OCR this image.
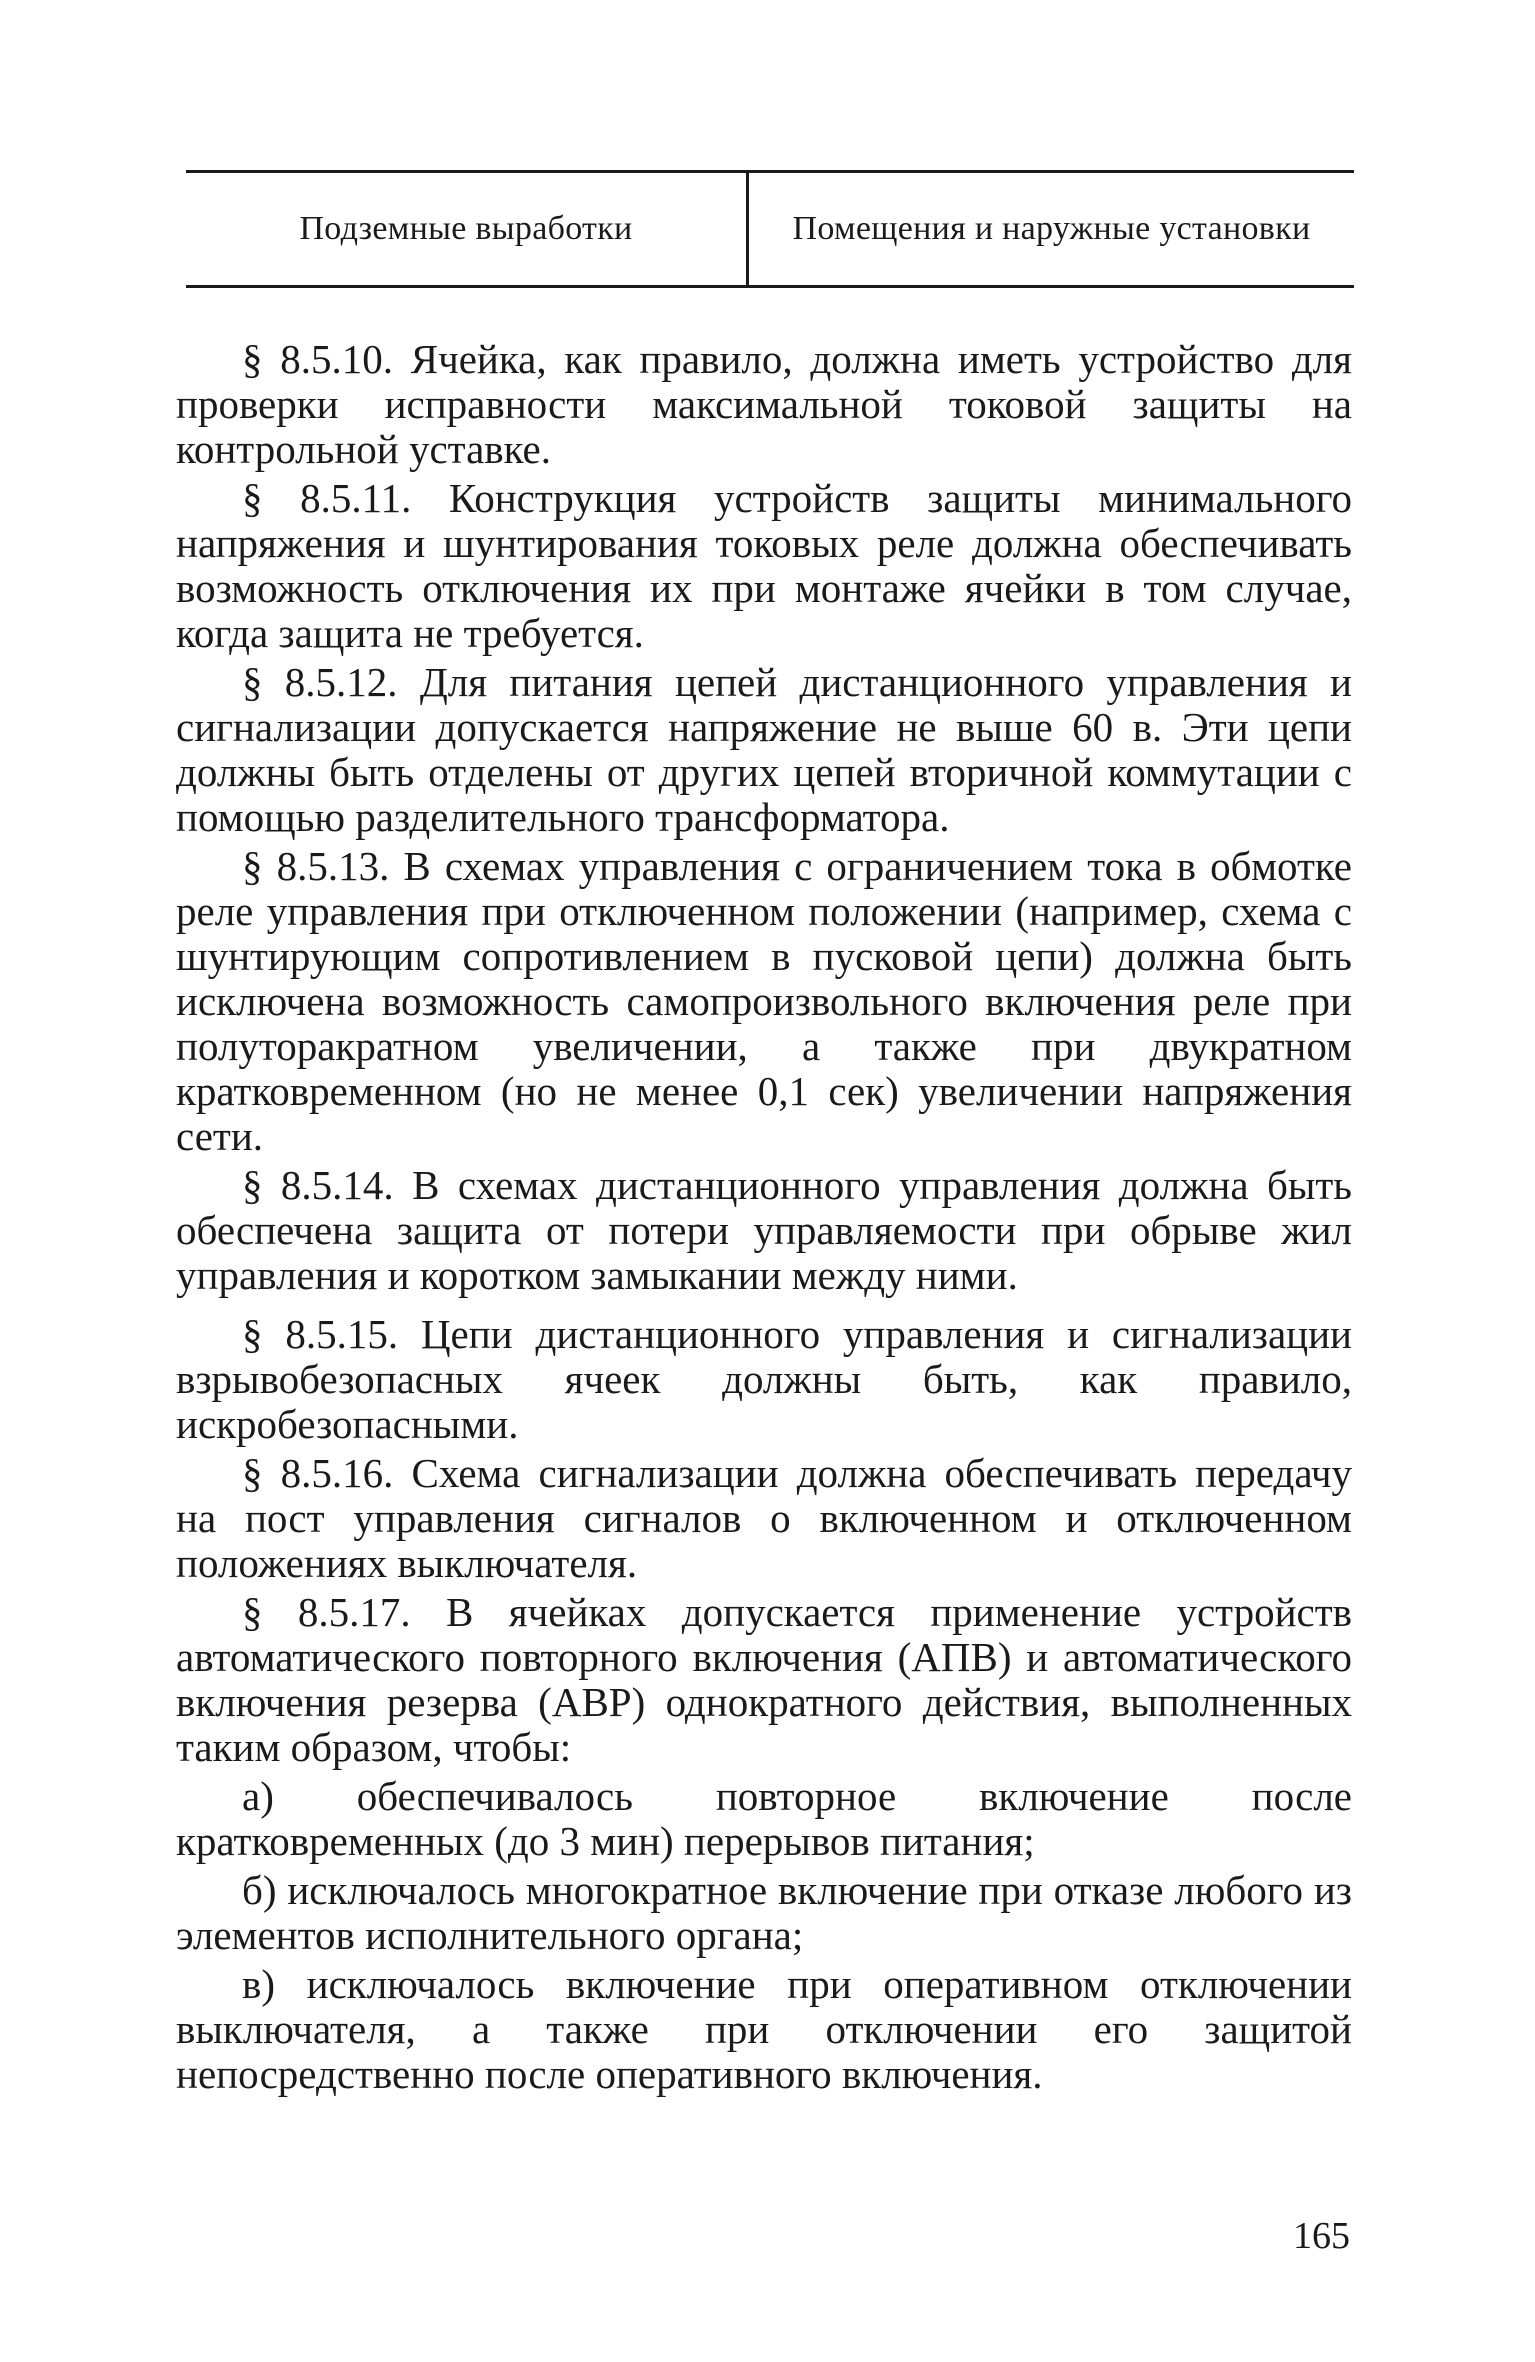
Подземные выработки	Помещения и наружные установки

§ 8.5.10. Ячейка, как правило, должна иметь устройство для проверки исправности максимальной токовой защиты на контрольной уставке.

§ 8.5.11. Конструкция устройств защиты минимального напряжения и шунтирования токовых реле должна обеспечивать возможность отключения их при монтаже ячейки в том случае, когда защита не требуется.

§ 8.5.12. Для питания цепей дистанционного управления и сигнализации допускается напряжение не выше 60 в. Эти цепи должны быть отделены от других цепей вторичной коммутации с помощью разделительного трансформатора.

§ 8.5.13. В схемах управления с ограничением тока в обмотке реле управления при отключенном положении (например, схема с шунтирующим сопротивлением в пусковой цепи) должна быть исключена возможность самопроизвольного включения реле при полуторакратном увеличении, а также при двукратном кратковременном (но не менее 0,1 сек) увеличении напряжения сети.

§ 8.5.14. В схемах дистанционного управления должна быть обеспечена защита от потери управляемости при обрыве жил управления и коротком замыкании между ними.

§ 8.5.15. Цепи дистанционного управления и сигнализации взрывобезопасных ячеек должны быть, как правило, искробезопасными.

§ 8.5.16. Схема сигнализации должна обеспечивать передачу на пост управления сигналов о включенном и отключенном положениях выключателя.

§ 8.5.17. В ячейках допускается применение устройств автоматического повторного включения (АПВ) и автоматического включения резерва (АВР) однократного действия, выполненных таким образом, чтобы:

а) обеспечивалось повторное включение после кратковременных (до 3 мин) перерывов питания;

б) исключалось многократное включение при отказе любого из элементов исполнительного органа;

в) исключалось включение при оперативном отключении выключателя, а также при отключении его защитой непосредственно после оперативного включения.

165
